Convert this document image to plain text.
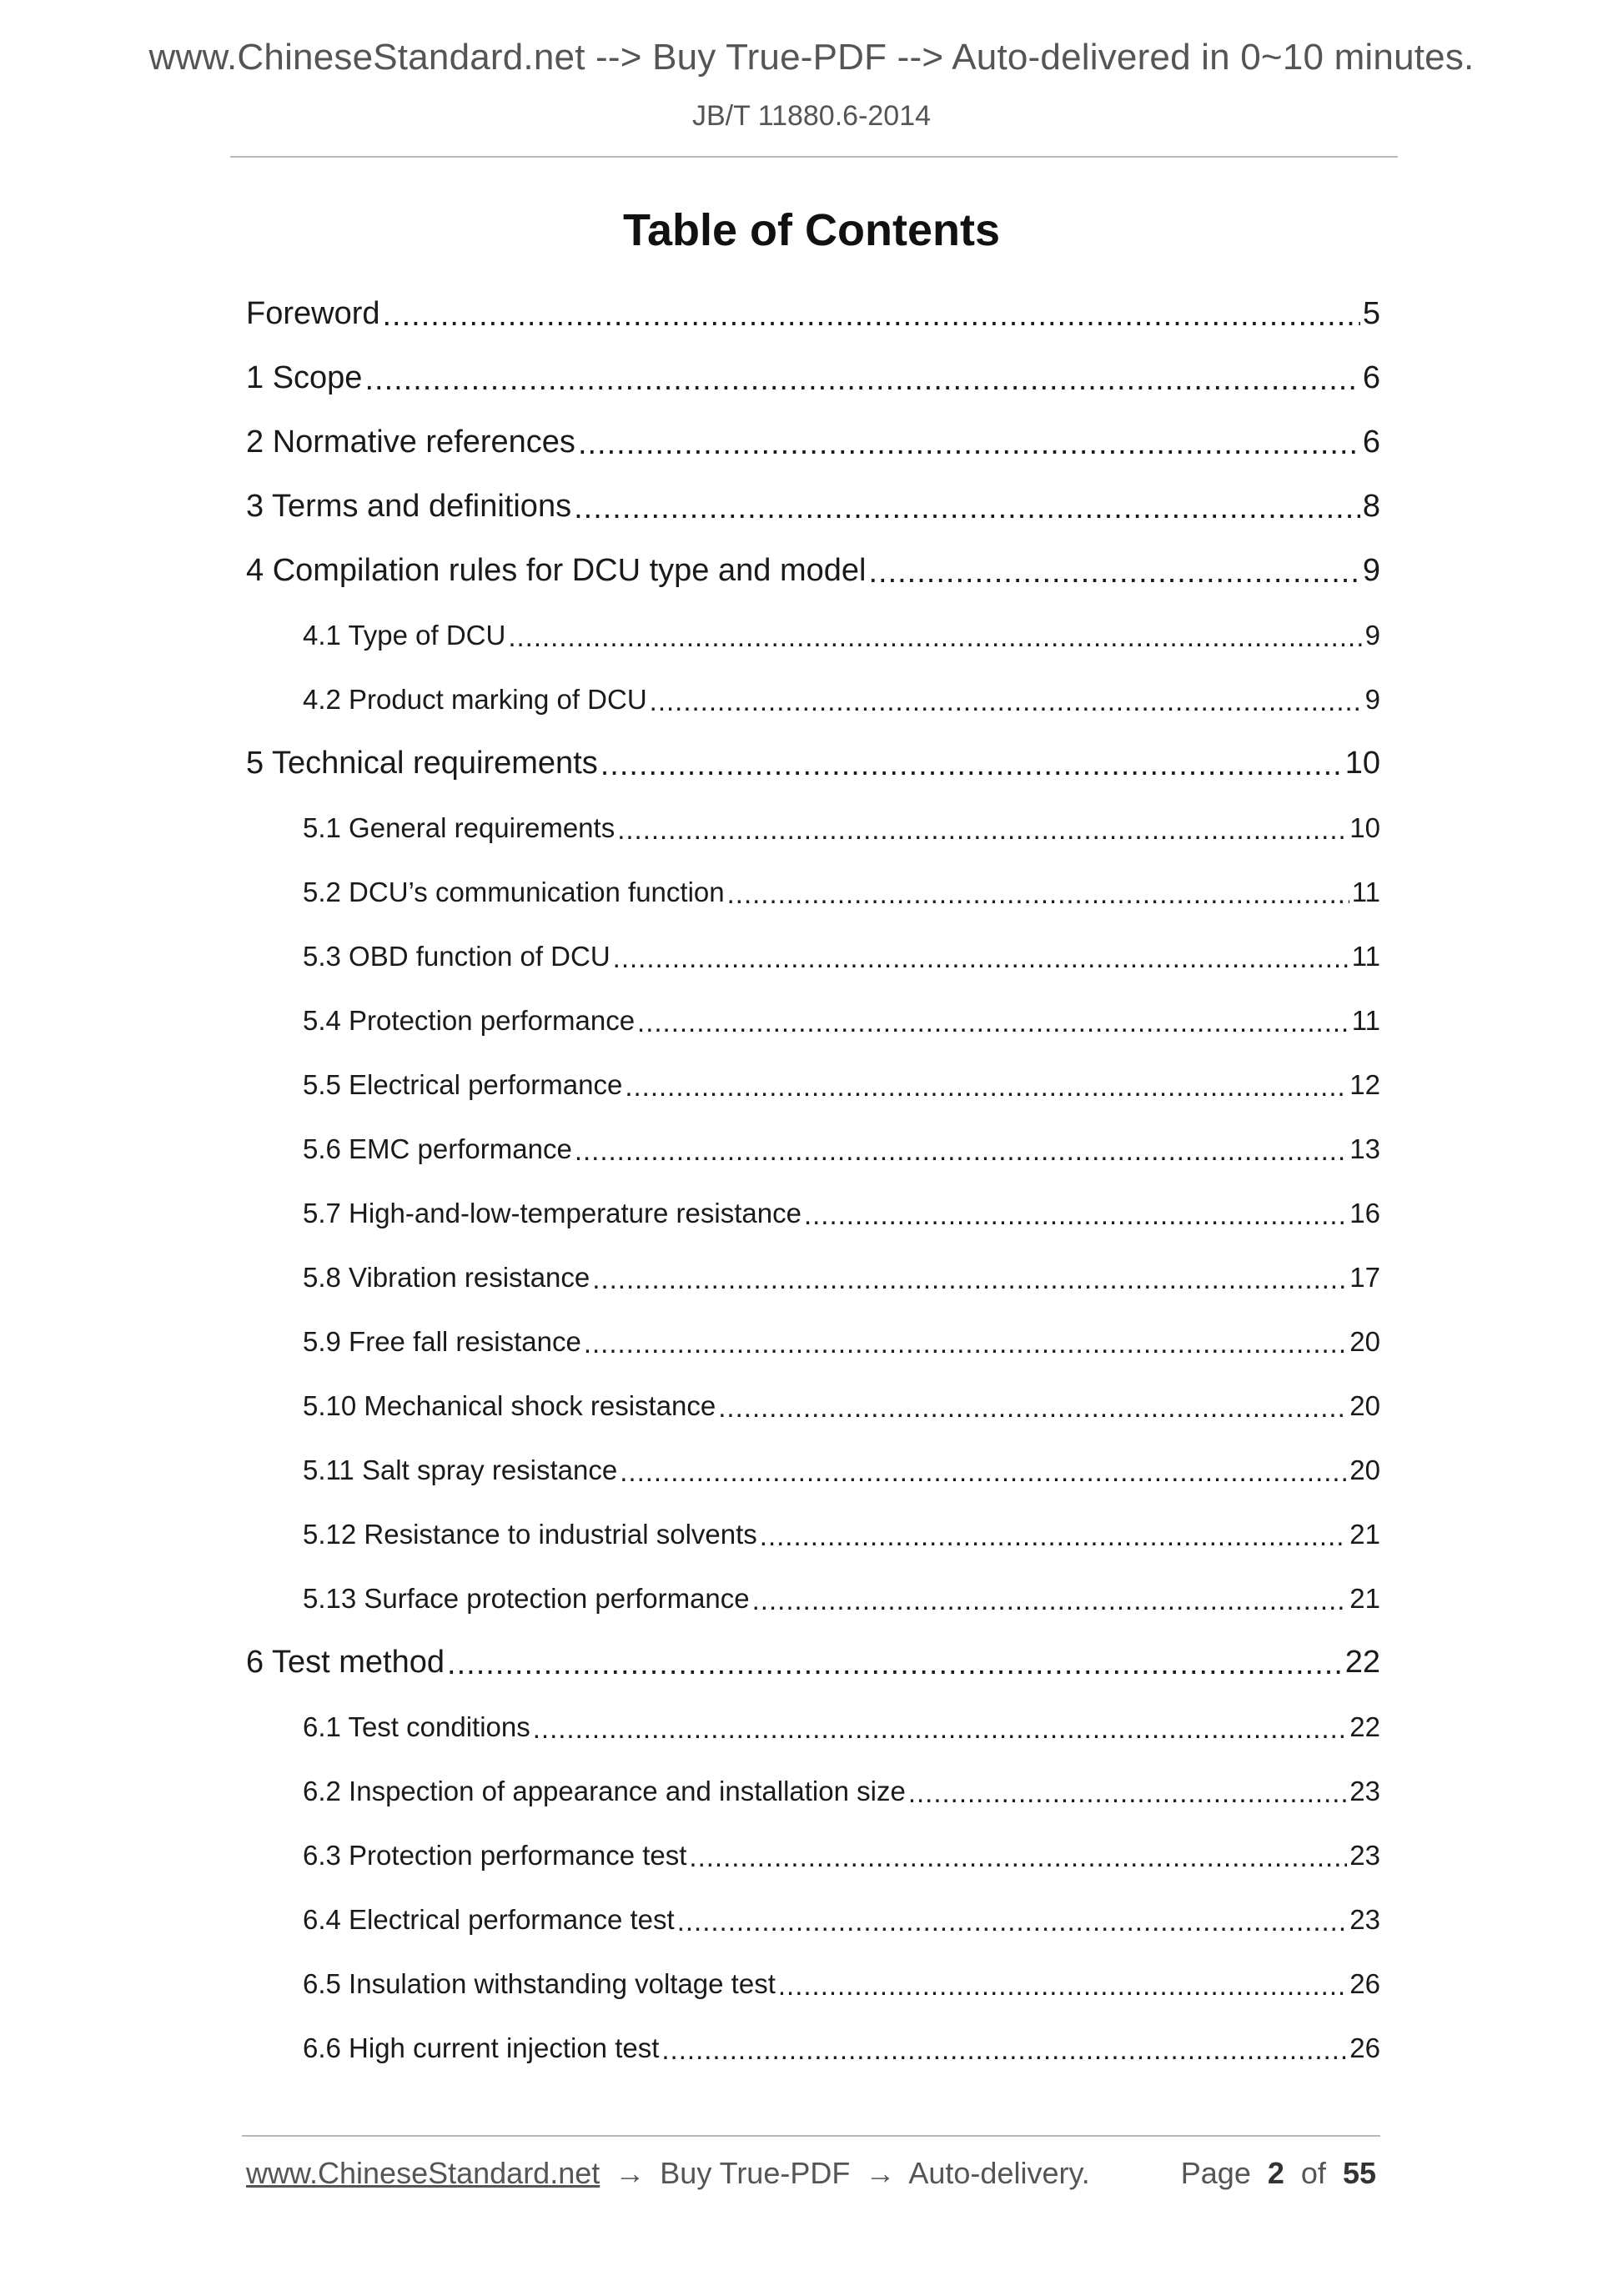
www.ChineseStandard.net --> Buy True-PDF --> Auto-delivered in 0~10 minutes.
JB/T 11880.6-2014
Table of Contents
Foreword .....	5
1 Scope .....	6
2 Normative references .....	6
3 Terms and definitions .....	8
4 Compilation rules for DCU type and model .....	9
4.1 Type of DCU .....	9
4.2 Product marking of DCU .....	9
5 Technical requirements .....	10
5.1 General requirements .....	10
5.2 DCU’s communication function .....	11
5.3 OBD function of DCU .....	11
5.4 Protection performance .....	11
5.5 Electrical performance .....	12
5.6 EMC performance .....	13
5.7 High-and-low-temperature resistance .....	16
5.8 Vibration resistance .....	17
5.9 Free fall resistance .....	20
5.10 Mechanical shock resistance .....	20
5.11 Salt spray resistance .....	20
5.12 Resistance to industrial solvents .....	21
5.13 Surface protection performance .....	21
6 Test method .....	22
6.1 Test conditions .....	22
6.2 Inspection of appearance and installation size .....	23
6.3 Protection performance test .....	23
6.4 Electrical performance test .....	23
6.5 Insulation withstanding voltage test .....	26
6.6 High current injection test .....	26
www.ChineseStandard.net → Buy True-PDF → Auto-delivery.	Page 2 of 55
